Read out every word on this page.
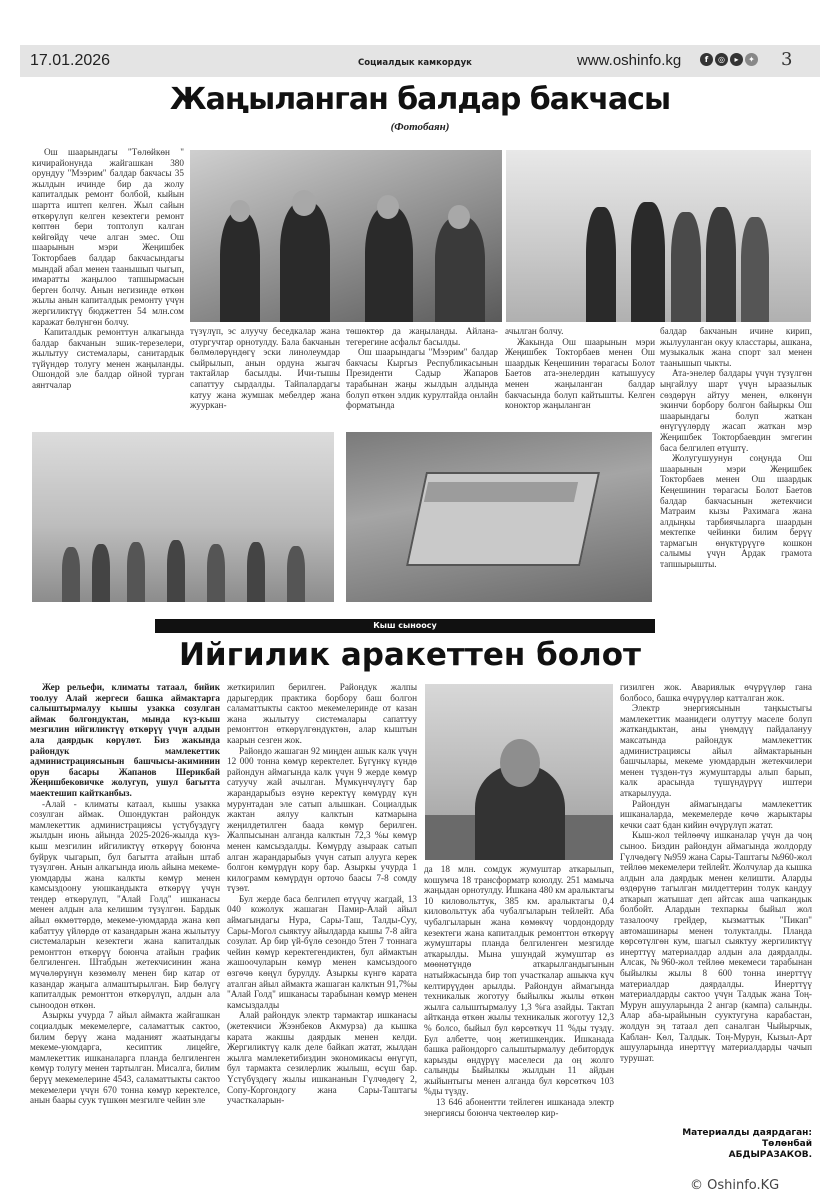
17.01.2026	Социалдык камкордук	www.oshinfo.kg	f	◎	▸	✦ 3
Жаңыланган балдар бакчасы
(Фотобаян)

Ош шаарындагы "Төлөйкөн " кичирайонунда жайгашкан 380 орундуу "Мээрим" балдар бакчасы 35 жылдын ичинде бир да жолу капиталдык ремонт болбой, кыйын шартта иштеп келген. Жыл сайын өткөрүлүп келген кезектеги ремонт көптөн бери топтолуп калган көйгөйдү чече алган эмес. Ош шаарынын мэри Жеңишбек Токторбаев балдар бакчасындагы мындай абал менен таанышып чыгып, имаратты жаңылоо тапшырмасын берген болчу. Анын негизинде өткөн жылы анын капиталдык ремонту үчүн жергиликтүү бюджеттен 54 млн.сом каражат бөлүнгөн болчу.

Капиталдык ремонттун алкагында балдар бакчанын эшик-терезелери, жылытуу системалары, санитардык түйүндөр толугу менен жаңыланды. Ошондой эле балдар ойной турган аянтчалар

түзүлүп, эс алуучу беседкалар жана отургучтар орнотулду. Бала бакчанын бөлмөлөрүндөгү эски линолеумдар сыйрылып, анын ордуна жыгач тактайлар басылды. Ичи-тышы сапаттуу сырдалды. Тайпалардагы катуу жана жумшак мебелдер жана жууркан-

төшөктөр да жаңыланды. Айлана-тегерегине асфальт басылды.

Ош шаарындагы "Мээрим" балдар бакчасы Кыргыз Республикасынын Президенти Садыр Жапаров тарабынан жаңы жылдын алдында болуп өткөн элдик курултайда онлайн форматында

ачылган болчу.

Жакында Ош шаарынын мэри Жеңишбек Токторбаев менен Ош шаардык Кеңешинин төрагасы Болот Баетов ата-энелердин катышуусу менен жаңыланган балдар бакчасында болуп кайтышты. Келген конoктор жаңыланган

балдар бакчанын ичине кирип, жылууланган окуу класстары, ашкана, музыкалык жана спорт зал менен таанышып чыкты.

Ата-энелер балдары үчүн түзүлгөн ыңгайлуу шарт үчүн ыраазылык сөздөрүн айтуу менен, өлкөнүн экинчи борбору болгон байыркы Ош шаарындагы болуп жаткан өнүгүүлөрдү жасап жаткан мэр Жеңишбек Токторбаевдин эмгегин баса белгилеп өтүштү.

Жолугушуунун соңунда Ош шаарынын мэри Жеңишбек Токторбаев менен Ош шаардык Кеңешинин төрагасы Болот Баетов балдар бакчасынын жетекчиси Матраим кызы Рахимага жана алдыңкы тарбиячыларга шаардын мектепке чейинки билим берүү тармагын өнүктүрүүгө кошкон салымы үчүн Ардак грамота тапшырышты.

Кыш сыноосу
Ийгилик аракеттен болот

Жер рельефи, климаты татаал, бийик тоолуу Алай жергеси башка аймактарга салыштырмалуу кышы узакка созулган аймак болгондуктан, мында күз-кыш мезгилин ийгиликтүү өткөрүү үчүн алдын ала даярдык көрүлөт. Биз жакында райондук мамлекеттик администрациясынын башчысы-акиминин орун басары Жапанов Шерикбай Жеңишбековичке жолугуп, ушул багытта маектешип кайтканбыз.

-Алай - климаты катаал, кышы узакка созулган аймак. Ошондуктан райондук мамлекеттик администрациясы үстүбүздүгү жылдын июнь айында 2025-2026-жылда күз-кыш мезгилин ийгиликтүү өткөрүү боюнча буйрук чыгарып, бул багытта атайын штаб түзүлгөн. Анын алкагында июль айына мекеме-уюмдарды жана калкты көмүр менен камсыздоону уюшкандыкта өткөрүү үчүн тендер өткөрүлүп, "Алай Голд" ишканасы менен алдын ала келишим түзүлгөн. Бардык айыл өкмөттөрдө, мекеме-уюмдарда жана көп кабаттуу үйлөрдө от казандарын жана жылытуу системаларын кезектеги жана капиталдык ремонттон өткөрүү боюнча атайын график белгиленген. Штабдын жетекчисинин жана мүчөлөрүнүн көзөмөлү менен бир катар от казандар жаңыга алмаштырылган. Бир бөлүгү капиталдык ремонттон өткөрүлүп, алдын ала сыноодон өткөн.

Азыркы учурда 7 айыл аймакта жайгашкан социалдык мекемелерге, саламаттык сактоо, билим берүү жана маданият жаатындагы мекеме-уюмдарга, кесиптик лицейге, мамлекеттик ишканаларга планда белгиленген көмүр толугу менен тартылган. Мисалга, билим берүү мекемелерине 4543, саламаттыкты сактоо мекемелери үчүн 670 тонна көмүр керектелсе, анын баары суук түшкөн мезгилге чейин эле

жеткирилип берилген. Райондук жалпы дарыгердик практика борбору баш болгон саламаттыкты сактоо мекемелеринде от казан жана жылытуу системалары сапаттуу ремонттон өткөрүлгөндүктөн, алар кыштын каарын сезген жок.

Райондо жашаган 92 миңден ашык калк үчүн 12 000 тонна көмүр керектелет. Бүгүнкү күндө райондун аймагында калк үчүн 9 жерде көмүр сатуучу жай ачылган. Мүмкүнчүлүгү бар жарандарыбыз өзүнө керектүү көмүрдү күн мурунтадан эле сатып алышкан. Социалдык жактан аялуу калктын катмарына жеңилдетилген баада көмүр берилген. Жалпысынан алганда калктын 72,3 %ы көмүр менен камсыздалды. Көмүрдү азыраак сатып алган жарандарыбыз үчүн сатып алууга керек болгон көмүрдүн кору бар. Азыркы учурда 1 килограмм көмүрдүн орточо баасы 7-8 сомду түзөт.

Бул жерде баса белгилеп өтүүчү жагдай, 13 040 кожолук жашаган Памир-Алай айыл аймагындагы Нура, Сары-Таш, Талды-Суу, Сары-Могол сыяктуу айылдарда кышы 7-8 айга созулат. Ар бир үй-бүлө сезондо 5тен 7 тоннага чейин көмүр керектегендиктен, бул аймактын жашоочуларын көмүр менен камсыздоого өзгөчө көңүл бурулду. Азыркы күнгө карата аталган айыл аймакта жашаган калктын 91,7%ы "Алай Голд" ишканасы тарабынан көмүр менен камсыздалды

Алай райондук электр тармактар ишканасы (жетекчиси Жээнбеков Акмурза) да кышка карата жакшы даярдык менен келди. Жергиликтүү калк деле байкап жатат, жылдан жылга мамлекетибиздин экономикасы өнүгүп, бул тармакта сезилерлик жылыш, өсүш бар. Үстүбүздөгү жылы ишкананын Гүлчөдөгү 2, Сопу-Коргондогу жана Сары-Таштагы участкаларын-

да 18 млн. сомдук жумуштар аткарылып, кошумча 18 трансформатр коюлду. 251 мамыча жаңыдан орнотулду. Ишкана 480 км аралыктагы 10 киловольттук, 385 км. аралыктагы 0,4 киловольттук аба чубалгыларын тейлейт. Аба чубалгыларын жана көмөкчү чордондорду кезектеги жана капиталдык ремонттон өткөрүү жумуштары планда белгиленген мезгилде аткарылды. Мына ушундай жумуштар өз мөөнөтүндө аткарылгандыгынын натыйжасында бир топ участкалар ашыкча күч келтирүүдөн арылды. Райондун аймагында техникалык жоготуу быйылкы жылы өткөн жылга салыштырмалуу 1,3 %га азайды. Тактап айтканда өткөн жылы техникалык жоготуу 12,3 % болсо, быйыл бул көрсөткүч 11 %ды түздү. Бул албетте, чоң жетишкендик. Ишканада башка райондорго салыштырмалуу дебитордук карызды өндүрүү маселеси да оң жолго салынды Быйылкы жылдын 11 айдын жыйынтыгы менен алганда бул көрсөткөч 103 %ды түздү.

13 646 абонентти тейлеген ишканада электр энергиясы боюнча чектөөлөр кир-

гизилген жок. Авариялык өчүрүүлөр гана болбосо, башка өчүрүүлөр катталган жок.

Электр энергиясынын таңкыстыгы мамлекеттик маанидеги олуттуу маселе болуп жаткандыктан, аны үнөмдүү пайдалануу максатында райондук мамлекеттик администрациясы айыл аймактарынын башчылары, мекеме уюмдардын жетекчилери менен түздөн-түз жумуштарды алып барып, калк арасында түшүндүрүү иштери аткарылууда.

Райондун аймагындагы мамлекеттик ишканаларда, мекемелерде көчө жарыктары кечки саат 6дан кийин өчүрүлүп жатат.

Кыш-жол тейлөөчү ишканалар үчүн да чоң сыноо. Биздин райондун аймагында жолдорду Гүлчөдөгү №959 жана Сары-Таштагы №960-жол тейлөө мекемелери тейлейт. Жолчулар да кышка алдын ала даярдык менен келишти. Аларды өздөрүнө тагылган милдеттерин толук кандуу аткарып жатышат деп айтсак аша чапкандык болбойт. Алардын техпаркы быйыл жол тазалоочу грейдер, кызматтык "Пикап" автомашинары менен толукталды. Планда көрсөтүлгөн кум, шагыл сыяктуу жергиликтүү инерттүү материалдар алдын ала даярдалды. Алсак, №960-жол тейлөө мекемеси тарабынан быйылкы жылы 8 600 тонна инерттүү материалдар даярдалды. Инерттүү материалдарды сактоо үчүн Талдык жана Тоң-Мурун ашууларында 2 ангар (кампа) салынды. Алар аба-ырайынын сууктугуна карабастан, жолдун эң татаал деп саналган Чыйырчык, Каблан- Көл, Талдык. Тоң-Мурун, Кызыл-Арт ашууларында инерттүү материалдарды чачып турушат.

Материалды даярдаган:
Төлөнбай
АБДЫРАЗАКОВ.
© Oshinfo.KG
